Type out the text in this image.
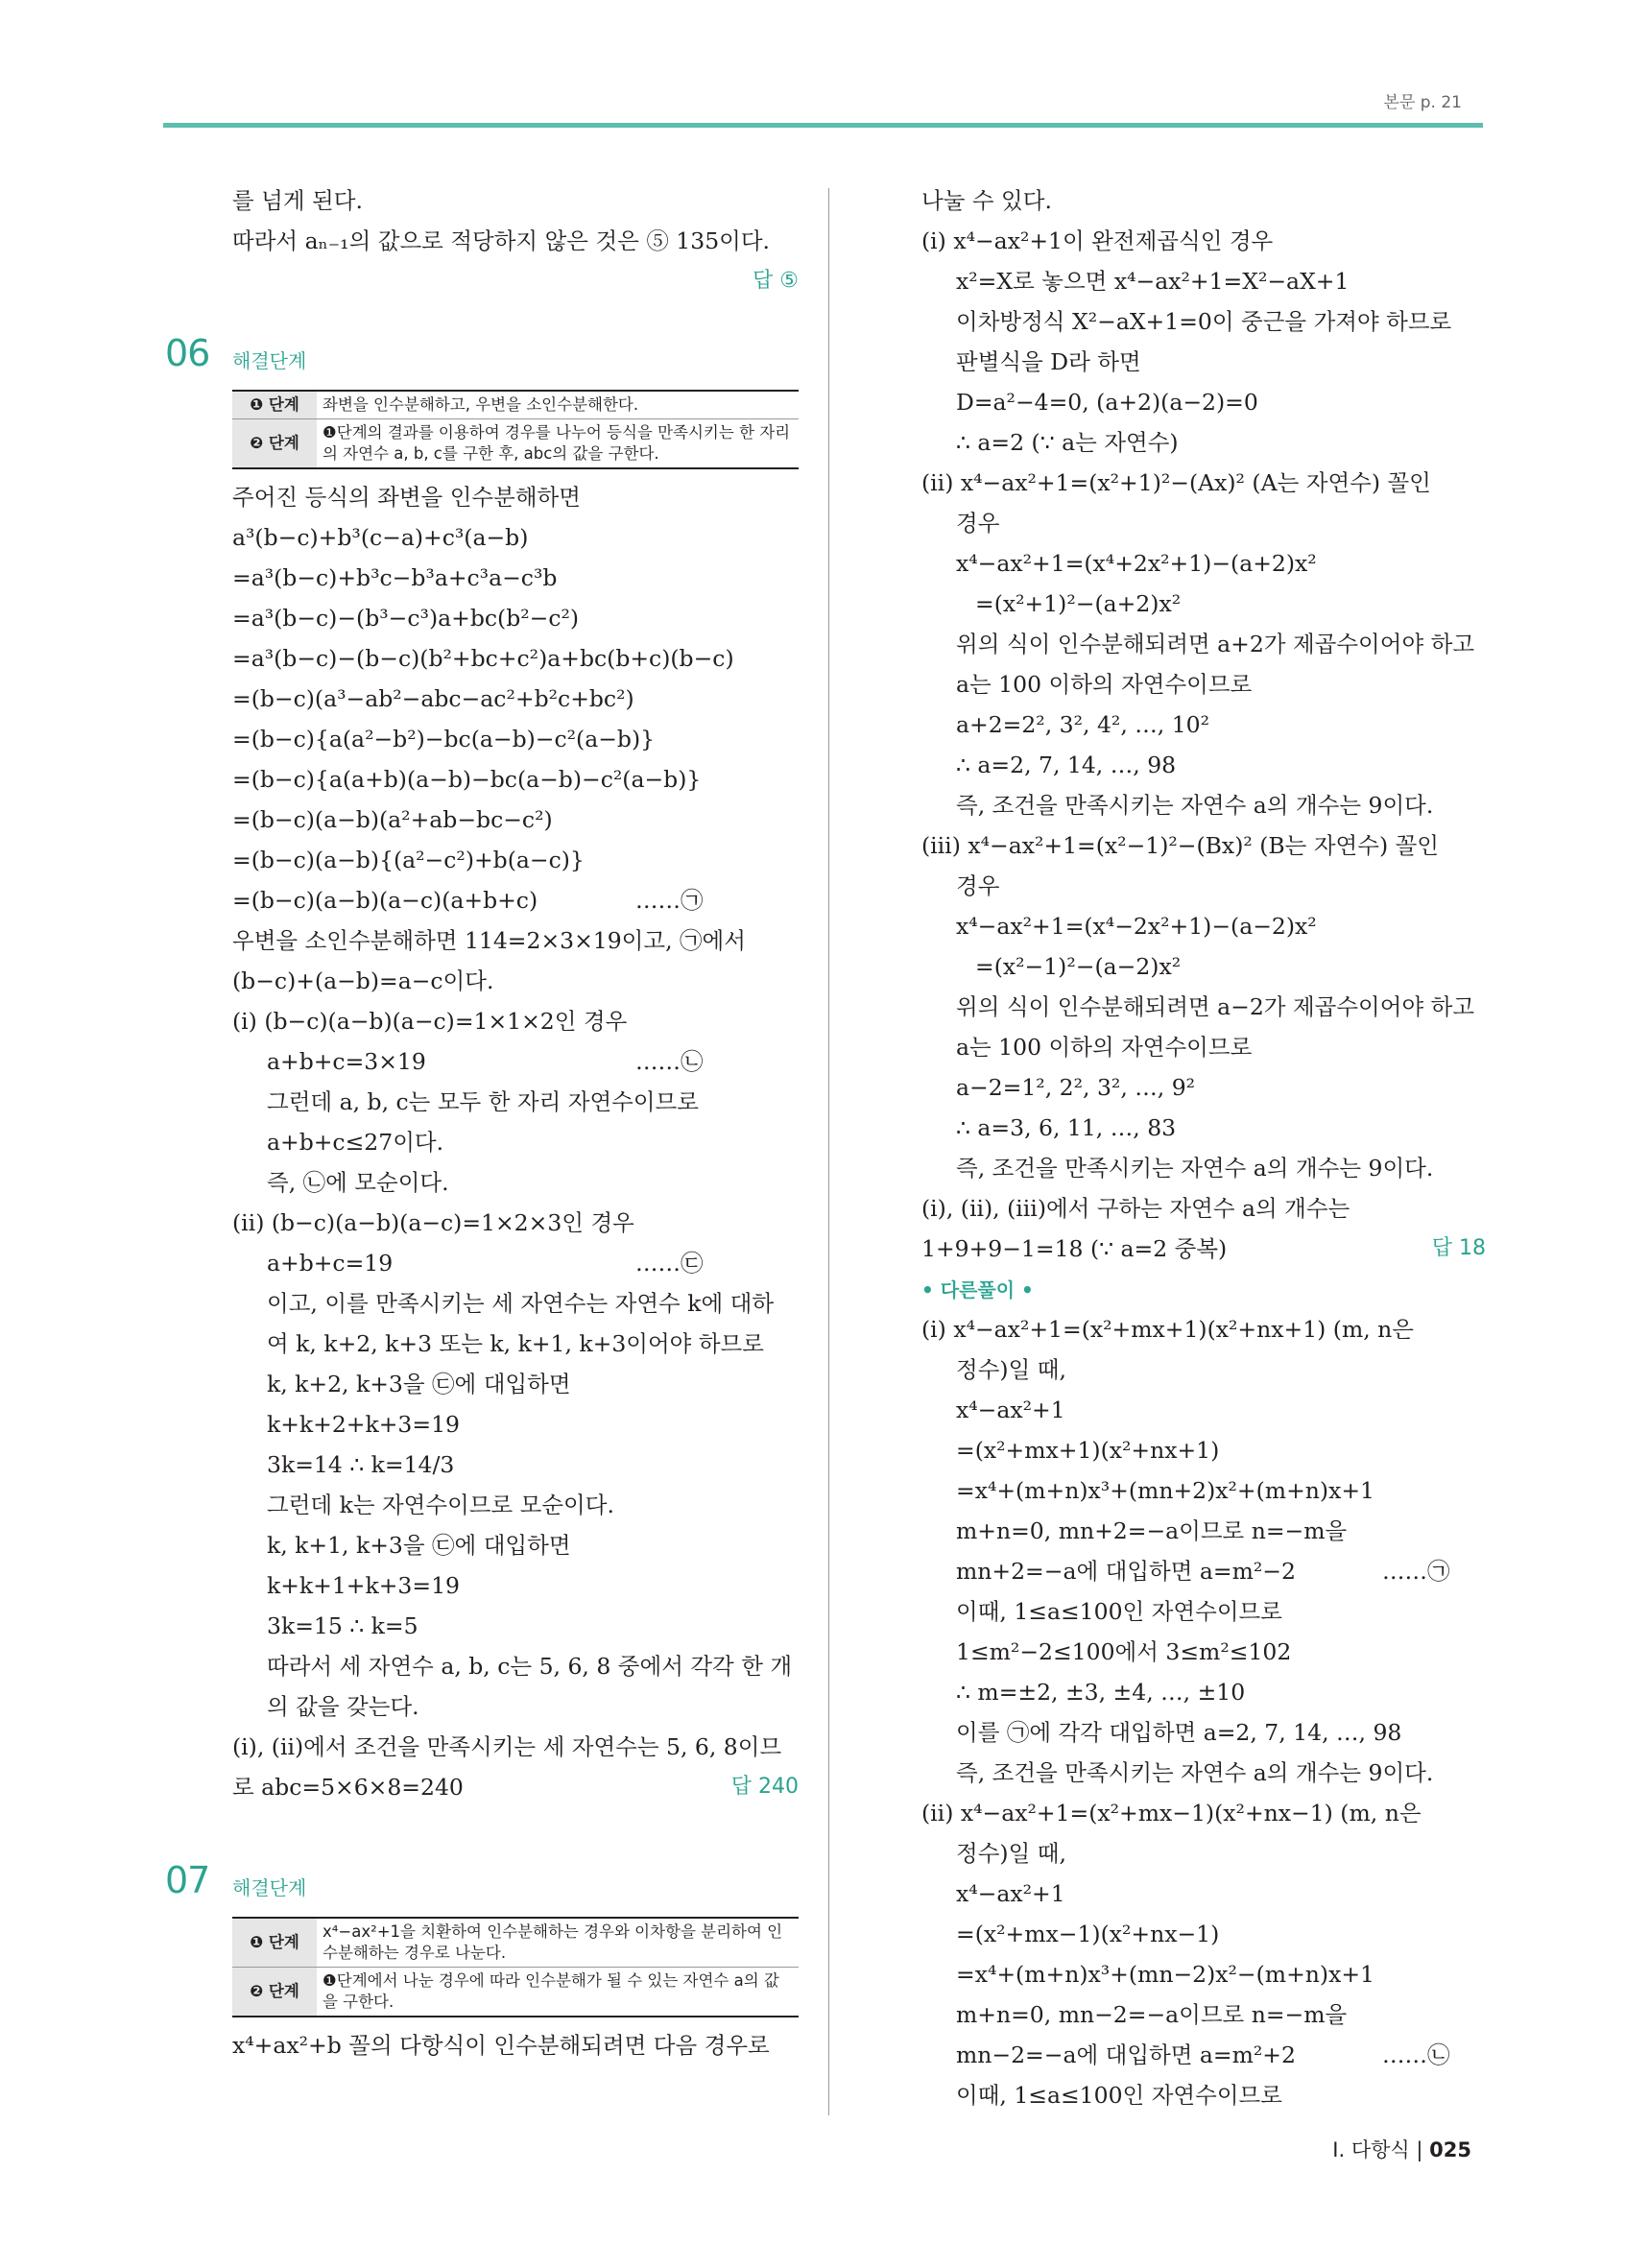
본문 p. 21
를 넘게 된다.
따라서 aₙ₋₁의 값으로 적당하지 않은 것은 ⑤ 135이다.
답 ⑤
06 해결단계
❶ 단계	좌변을 인수분해하고, 우변을 소인수분해한다.
❷ 단계	❶단계의 결과를 이용하여 경우를 나누어 등식을 만족시키는 한 자리의 자연수 a, b, c를 구한 후, abc의 값을 구한다.
주어진 등식의 좌변을 인수분해하면
a³(b−c)+b³(c−a)+c³(a−b)
=a³(b−c)+b³c−b³a+c³a−c³b
=a³(b−c)−(b³−c³)a+bc(b²−c²)
=a³(b−c)−(b−c)(b²+bc+c²)a+bc(b+c)(b−c)
=(b−c)(a³−ab²−abc−ac²+b²c+bc²)
=(b−c){a(a²−b²)−bc(a−b)−c²(a−b)}
=(b−c){a(a+b)(a−b)−bc(a−b)−c²(a−b)}
=(b−c)(a−b)(a²+ab−bc−c²)
=(b−c)(a−b){(a²−c²)+b(a−c)}
=(b−c)(a−b)(a−c)(a+b+c)	……㉠
우변을 소인수분해하면 114=2×3×19이고, ㉠에서
(b−c)+(a−b)=a−c이다.
(ⅰ) (b−c)(a−b)(a−c)=1×1×2인 경우
a+b+c=3×19	……㉡
그런데 a, b, c는 모두 한 자리 자연수이므로
a+b+c≤27이다.
즉, ㉡에 모순이다.
(ⅱ) (b−c)(a−b)(a−c)=1×2×3인 경우
a+b+c=19	……㉢
이고, 이를 만족시키는 세 자연수는 자연수 k에 대하
여 k, k+2, k+3 또는 k, k+1, k+3이어야 하므로
k, k+2, k+3을 ㉢에 대입하면
k+k+2+k+3=19
3k=14 ∴ k=14/3
그런데 k는 자연수이므로 모순이다.
k, k+1, k+3을 ㉢에 대입하면
k+k+1+k+3=19
3k=15 ∴ k=5
따라서 세 자연수 a, b, c는 5, 6, 8 중에서 각각 한 개
의 값을 갖는다.
(ⅰ), (ⅱ)에서 조건을 만족시키는 세 자연수는 5, 6, 8이므
로 abc=5×6×8=240	답 240
07 해결단계
❶ 단계	x⁴−ax²+1을 치환하여 인수분해하는 경우와 이차항을 분리하여 인수분해하는 경우로 나눈다.
❷ 단계	❶단계에서 나눈 경우에 따라 인수분해가 될 수 있는 자연수 a의 값을 구한다.
x⁴+ax²+b 꼴의 다항식이 인수분해되려면 다음 경우로
나눌 수 있다.
(ⅰ) x⁴−ax²+1이 완전제곱식인 경우
x²=X로 놓으면 x⁴−ax²+1=X²−aX+1
이차방정식 X²−aX+1=0이 중근을 가져야 하므로
판별식을 D라 하면
D=a²−4=0, (a+2)(a−2)=0
∴ a=2 (∵ a는 자연수)
(ⅱ) x⁴−ax²+1=(x²+1)²−(Ax)² (A는 자연수) 꼴인
경우
x⁴−ax²+1=(x⁴+2x²+1)−(a+2)x²
=(x²+1)²−(a+2)x²
위의 식이 인수분해되려면 a+2가 제곱수이어야 하고
a는 100 이하의 자연수이므로
a+2=2², 3², 4², …, 10²
∴ a=2, 7, 14, …, 98
즉, 조건을 만족시키는 자연수 a의 개수는 9이다.
(ⅲ) x⁴−ax²+1=(x²−1)²−(Bx)² (B는 자연수) 꼴인
경우
x⁴−ax²+1=(x⁴−2x²+1)−(a−2)x²
=(x²−1)²−(a−2)x²
위의 식이 인수분해되려면 a−2가 제곱수이어야 하고
a는 100 이하의 자연수이므로
a−2=1², 2², 3², …, 9²
∴ a=3, 6, 11, …, 83
즉, 조건을 만족시키는 자연수 a의 개수는 9이다.
(ⅰ), (ⅱ), (ⅲ)에서 구하는 자연수 a의 개수는
1+9+9−1=18 (∵ a=2 중복)	답 18
• 다른풀이 •
(ⅰ) x⁴−ax²+1=(x²+mx+1)(x²+nx+1) (m, n은
정수)일 때,
x⁴−ax²+1
=(x²+mx+1)(x²+nx+1)
=x⁴+(m+n)x³+(mn+2)x²+(m+n)x+1
m+n=0, mn+2=−a이므로 n=−m을
mn+2=−a에 대입하면 a=m²−2	……㉠
이때, 1≤a≤100인 자연수이므로
1≤m²−2≤100에서 3≤m²≤102
∴ m=±2, ±3, ±4, …, ±10
이를 ㉠에 각각 대입하면 a=2, 7, 14, …, 98
즉, 조건을 만족시키는 자연수 a의 개수는 9이다.
(ⅱ) x⁴−ax²+1=(x²+mx−1)(x²+nx−1) (m, n은
정수)일 때,
x⁴−ax²+1
=(x²+mx−1)(x²+nx−1)
=x⁴+(m+n)x³+(mn−2)x²−(m+n)x+1
m+n=0, mn−2=−a이므로 n=−m을
mn−2=−a에 대입하면 a=m²+2	……㉡
이때, 1≤a≤100인 자연수이므로
Ⅰ. 다항식 | 025
